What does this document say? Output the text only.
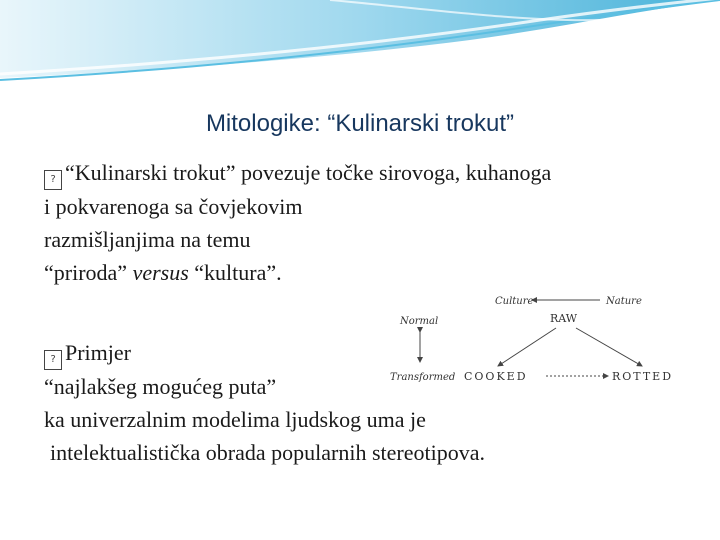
Mitologike: “Kulinarski trokut”

? “Kulinarski trokut” povezuje točke sirovoga, kuhanoga
i pokvarenoga sa čovjekovim
razmišljanjima na temu
“priroda” versus “kultura”.

? Primjer
“najlakšeg mogućeg puta”
ka univerzalnim modelima ljudskog uma je
intelektualistička obrada popularnih stereotipova.

Culture	Nature
RAW
Normal
Transformed COOKED	ROTTED
